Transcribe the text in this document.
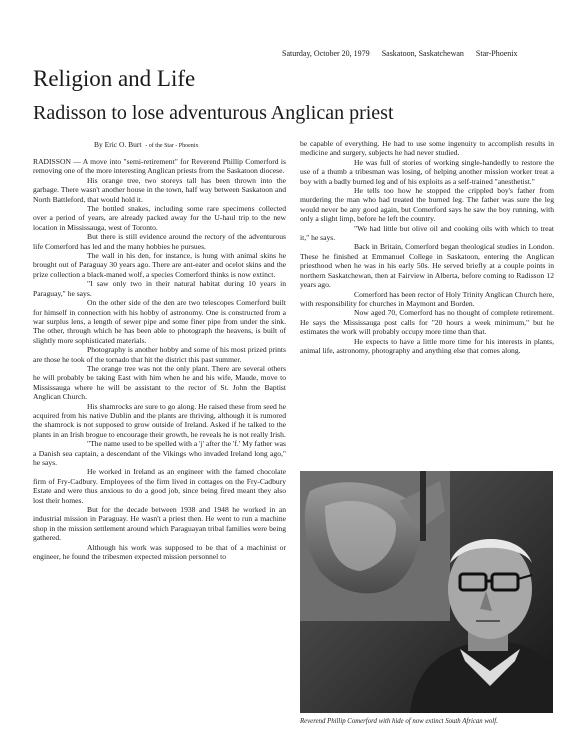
Saturday, October 20, 1979 Saskatoon, Saskatchewan Star-Phoenix
Religion and Life
Radisson to lose adventurous Anglican priest
By Eric O. Burt - of the Star - Phoenix

RADISSON — A move into "semi-retirement" for Reverend Phillip Comerford is removing one of the more interesting Anglican priests from the Saskatoon diocese.

His orange tree, two storeys tall has been thrown into the garbage. There wasn't another house in the town, half way between Saskatoon and North Battleford, that would hold it.

The bottled snakes, including some rare specimens collected over a period of years, are already packed away for the U-haul trip to the new location in Mississauga, west of Toronto.

But there is still evidence around the rectory of the adventurous life Comerford has led and the many hobbies he pursues.

The wall in his den, for instance, is hung with animal skins he brought out of Paraguay 30 years ago. There are ant-eater and ocelot skins and the prize collection a black-maned wolf, a species Comerford thinks is now extinct.

"I saw only two in their natural habitat during 10 years in Paraguay," he says.

On the other side of the den are two telescopes Comerford built for himself in connection with his hobby of astronomy. One is constructed from a war surplus lens, a length of sewer pipe and some finer pipe from under the sink. The other, through which he has been able to photograph the heavens, is built of slightly more sophisticated materials.

Photography is another hobby and some of his most prized prints are those he took of the tornado that hit the district this past summer.

The orange tree was not the only plant. There are several others he will probably be taking East with him when he and his wife, Maude, move to Mississauga where he will be assistant to the rector of St. John the Baptist Anglican Church.

His shamrocks are sure to go along. He raised these from seed he acquired from his native Dublin and the plants are thriving, although it is rumored the shamrock is not supposed to grow outside of Ireland. Asked if he talked to the plants in an Irish brogue to encourage their growth, he reveals he is not really Irish.

"The name used to be spelled with a 'j' after the 'f.' My father was a Danish sea captain, a descendant of the Vikings who invaded Ireland long ago," he says.

He worked in Ireland as an engineer with the famed chocolate firm of Fry-Cadbury. Employees of the firm lived in cottages on the Fry-Cadbury Estate and were thus anxious to do a good job, since being fired meant they also lost their homes.

But for the decade between 1938 and 1948 he worked in an industrial mission in Paraguay. He wasn't a priest then. He went to run a machine shop in the mission settlement around which Paraguayan tribal families were being gathered.

Although his work was supposed to be that of a machinist or engineer, he found the tribesmen expected mission personnel to

be capable of everything. He had to use some ingenuity to accomplish results in medicine and surgery, subjects he had never studied.

He was full of stories of working single-handedly to restore the use of a thumb a tribesman was losing, of helping another mission worker treat a boy with a badly burned leg and of his exploits as a self-trained "anesthetist."

He tells too how he stopped the crippled boy's father from murdering the man who had treated the burned leg. The father was sure the leg would never be any good again, but Comerford says he saw the boy running, with only a slight limp, before he left the country.

"We had little but olive oil and cooking oils with which to treat it," he says.

Back in Britain, Comerford began theological studies in London. These he finished at Emmanuel College in Saskatoon, entering the Anglican priesthood when he was in his early 50s. He served briefly at a couple points in northern Saskatchewan, then at Fairview in Alberta, before coming to Radisson 12 years ago.

Comerford has been rector of Holy Trinity Anglican Church here, with responsibility for churches in Maymont and Borden.

Now aged 70, Comerford has no thought of complete retirement. He says the Mississauga post calls for "20 hours a week minimum," but he estimates the work will probably occupy more time than that.

He expects to have a little more time for his interests in plants, animal life, astronomy, photography and anything else that comes along.

Reverend Phillip Comerford with hide of now extinct South African wolf.
